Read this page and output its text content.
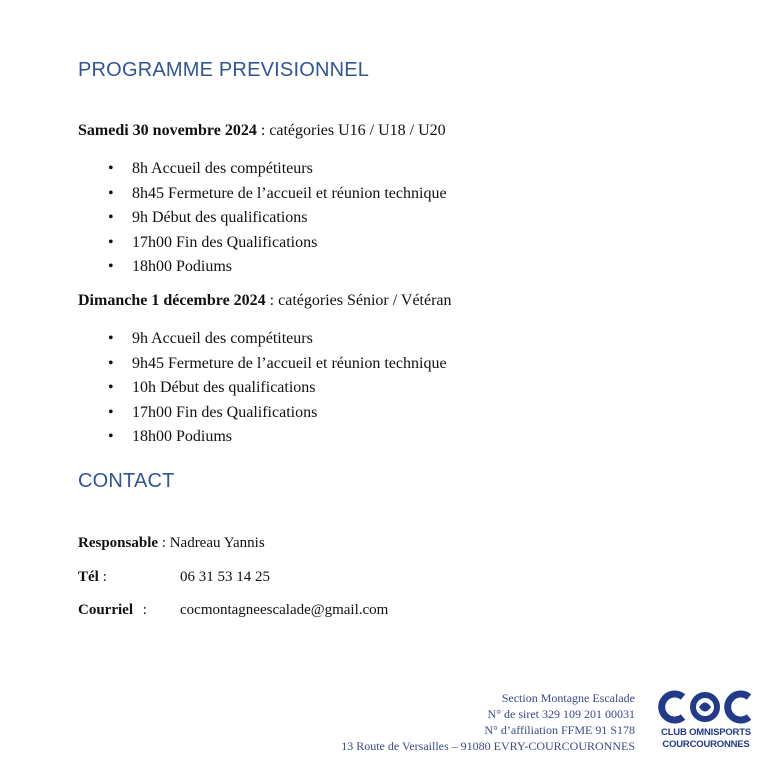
PROGRAMME PREVISIONNEL
Samedi 30 novembre 2024 : catégories U16 / U18 / U20
• 8h Accueil des compétiteurs
• 8h45 Fermeture de l’accueil et réunion technique
• 9h Début des qualifications
• 17h00 Fin des Qualifications
• 18h00 Podiums
Dimanche 1 décembre 2024 : catégories Sénior / Vétéran
• 9h Accueil des compétiteurs
• 9h45 Fermeture de l’accueil et réunion technique
• 10h Début des qualifications
• 17h00 Fin des Qualifications
• 18h00 Podiums
CONTACT
Responsable : Nadreau Yannis
Tél :	06 31 53 14 25
Courriel : cocmontagneescalade@gmail.com
Section Montagne Escalade
N° de siret 329 109 201 00031
N° d’affiliation FFME 91 S178
13 Route de Versailles – 91080 EVRY-COURCOURONNES
CLUB OMNISPORTS
COURCOURONNES
